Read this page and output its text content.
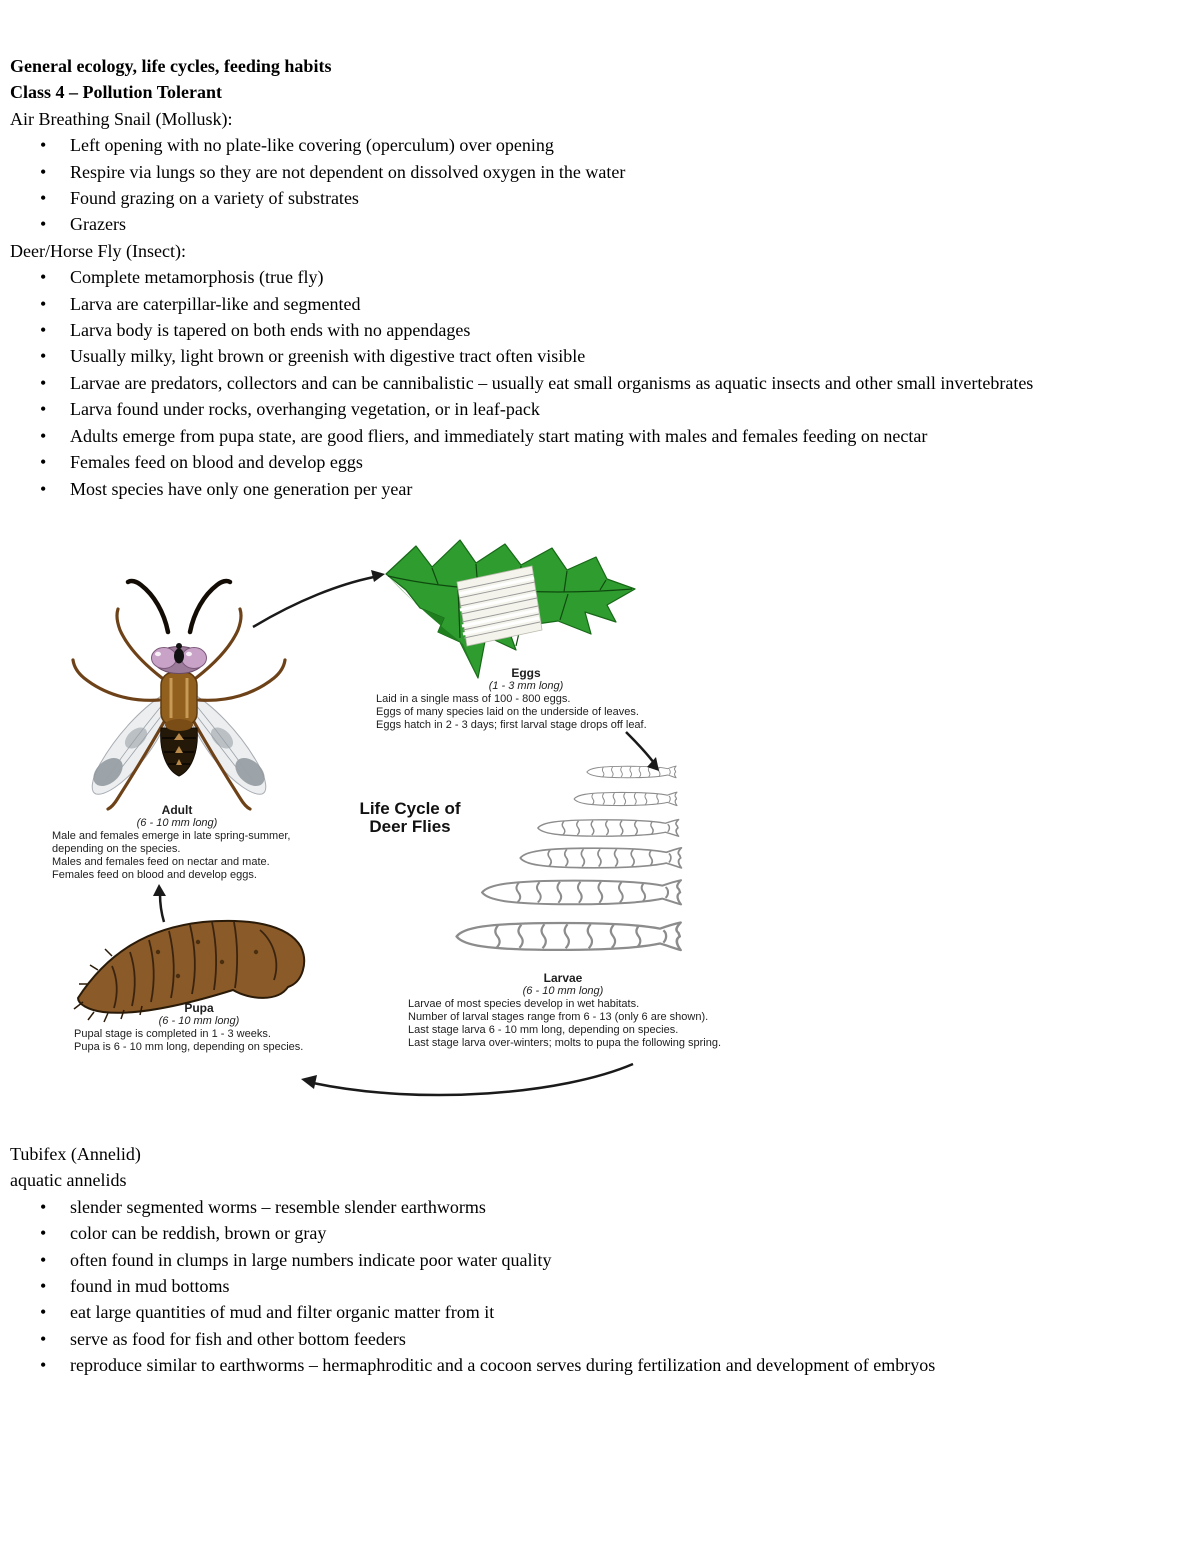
General ecology, life cycles, feeding habits

Class 4 – Pollution Tolerant

Air Breathing Snail (Mollusk):

• Left opening with no plate-like covering (operculum) over opening
• Respire via lungs so they are not dependent on dissolved oxygen in the water
• Found grazing on a variety of substrates
• Grazers

Deer/Horse Fly (Insect):

• Complete metamorphosis (true fly)
• Larva are caterpillar-like and segmented
• Larva body is tapered on both ends with no appendages
• Usually milky, light brown or greenish with digestive tract often visible
• Larvae are predators, collectors and can be cannibalistic – usually eat small organisms as aquatic insects and other small invertebrates
• Larva found under rocks, overhanging vegetation, or in leaf-pack
• Adults emerge from pupa state, are good fliers, and immediately start mating with males and females feeding on nectar
• Females feed on blood and develop eggs
• Most species have only one generation per year
Life Cycle of
Deer Flies
Eggs
(1 - 3 mm long)
Laid in a single mass of 100 - 800 eggs.
Eggs of many species laid on the underside of leaves.
Eggs hatch in 2 - 3 days; first larval stage drops off leaf.
Adult
(6 - 10 mm long)
Male and females emerge in late spring-summer,
depending on the species.
Males and females feed on nectar and mate.
Females feed on blood and develop eggs.
Larvae
(6 - 10 mm long)
Larvae of most species develop in wet habitats.
Number of larval stages range from 6 - 13 (only 6 are shown).
Last stage larva 6 - 10 mm long, depending on species.
Last stage larva over-winters; molts to pupa the following spring.
Pupa
(6 - 10 mm long)
Pupal stage is completed in 1 - 3 weeks.
Pupa is 6 - 10 mm long, depending on species.

Tubifex (Annelid)

aquatic annelids

• slender segmented worms – resemble slender earthworms
• color can be reddish, brown or gray
• often found in clumps in large numbers indicate poor water quality
• found in mud bottoms
• eat large quantities of mud and filter organic matter from it
• serve as food for fish and other bottom feeders
• reproduce similar to earthworms – hermaphroditic and a cocoon serves during fertilization and development of embryos
